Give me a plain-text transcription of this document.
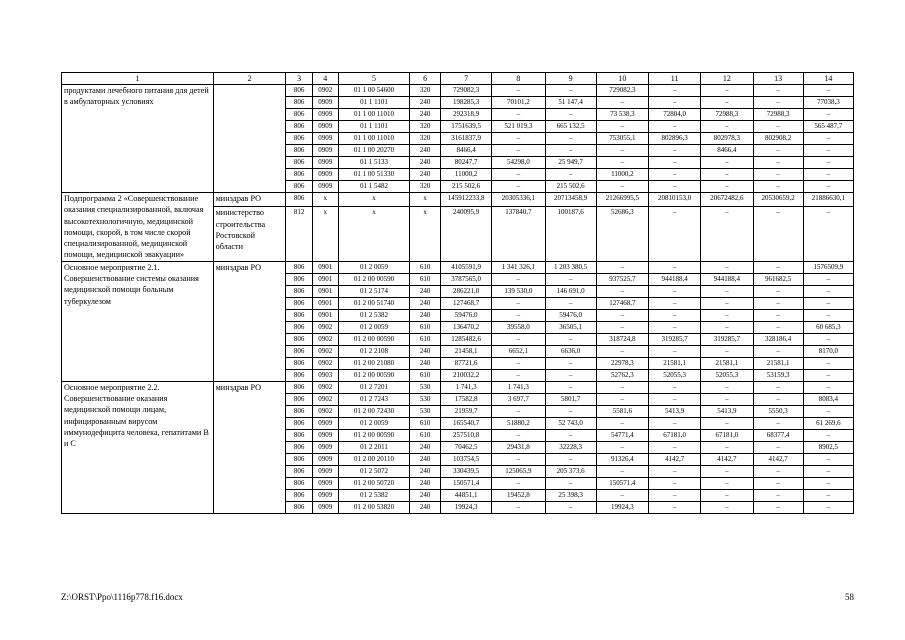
1	2	3	4	5	6	7	8	9	10	11	12	13	14
продуктами лечебного питания для детей в амбулаторных условиях		806	0902	01 1 00 54600	320	729082,3	–	–	729082,3	–	–	–	–
		806	0909	01 1 1101	240	198285,3	70101,2	51 147,4	–	–	–	–	77038,3
		806	0909	01 1 00 11010	240	292318,9	–	–	73 538,3	72804,0	72988,3	72988,3	–
		806	0909	01 1 1101	320	1751639,5	521 019,3	665 132,5	–	–	–	–	565 487,7
		806	0909	01 1 00 11010	320	3161837,9	–	–	753055,1	802896,3	802978,3	802908,2	–
		806	0909	01 1 00 20270	240	8466,4	–	–	–	–	8466,4	–	–
		806	0909	01 1 5133	240	80247,7	54298,0	25 949,7	–	–	–	–	–
		806	0909	01 1 00 51330	240	11000,2	–	–	11000,2	–	–	–	–
		806	0909	01 1 5482	320	215 502,6	–	215 502,6	–	–	–	–	–
Подпрограмма 2 «Совершенствование оказания специализированной, включая высокотехнологичную, медицинской помощи, скорой, в том числе скорой специализированной, медицинской помощи, медицинской эвакуации»	минздрав РО	806	x	x	x	145912233,8	20305336,1	20713458,9	21266995,5	20810153,0	20672482,6	20530659,2	21886630,1
	министерство строительства Ростовской области	812	x	x	x	240095,9	137840,7	100187,6	52686,3	–	–	–	–
Основное мероприятие 2.1. Совершенствование системы оказания медицинской помощи больным туберкулезом	минздрав РО	806	0901	01 2 0059	610	4105591,9	1 341 326,1	1 203 380,5	–	–	–	–	1576509,9
		806	0901	01 2 00 00590	610	3787565,0	–	–	937525,7	944188,4	944188,4	961682,5	–
		806	0901	01 2 5174	240	286221,0	139 530,0	146 691,0	–	–	–	–	–
		806	0901	01 2 00 51740	240	127468,7	–	–	127468,7	–	–	–	–
		806	0901	01 2 5382	240	59476,0	–	59476,0	–	–	–	–	–
		806	0902	01 2 0059	610	136470,2	39558,0	36505,1	–	–	–	–	60 685,3
		806	0902	01 2 00 00590	610	1285482,6	–	–	318724,8	319285,7	319285,7	328186,4	–
		806	0902	01 2 2108	240	21458,1	6652,1	6636,0	–	–	–	–	8170,0
		806	0902	01 2 00 21080	240	87721,6	–	–	22978,3	21581,1	21581,1	21581,1	–
		806	0903	01 2 00 00590	610	210032,2	–	–	52762,3	52055,3	52055,3	53159,3	–
Основное мероприятие 2.2. Совершенствование оказания медицинской помощи лицам, инфицированным вирусом иммунодефицита человека, гепатитами B и C	минздрав РО	806	0902	01 2 7201	530	1 741,3	1 741,3	–	–	–	–	–	–
		806	0902	01 2 7243	530	17582,8	3 697,7	5801,7	–	–	–	–	8083,4
		806	0902	01 2 00 72430	530	21959,7	–	–	5581,6	5413,9	5413,9	5550,3	–
		806	0909	01 2 0059	610	165540,7	51880,2	52 743,0	–	–	–	–	61 269,6
		806	0909	01 2 00 00590	610	257510,8	–	–	54771,4	67181,0	67181,0	68377,4	–
		806	0909	01 2 2011	240	70462,5	29431,8	32228,3	–	–	–	–	8902,5
		806	0909	01 2 00 20110	240	103754,5	–	–	91326,4	4142,7	4142,7	4142,7	–
		806	0909	01 2 5072	240	330439,5	125065,9	205 373,6	–	–	–	–	–
		806	0909	01 2 00 50720	240	150571,4	–	–	150571,4	–	–	–	–
		806	0909	01 2 5382	240	44851,1	19452,8	25 398,3	–	–	–	–	–
		806	0909	01 2 00 53820	240	19924,3	–	–	19924,3	–	–	–	–
Z:\ORST\Ppo\1116p778.f16.docx	58
